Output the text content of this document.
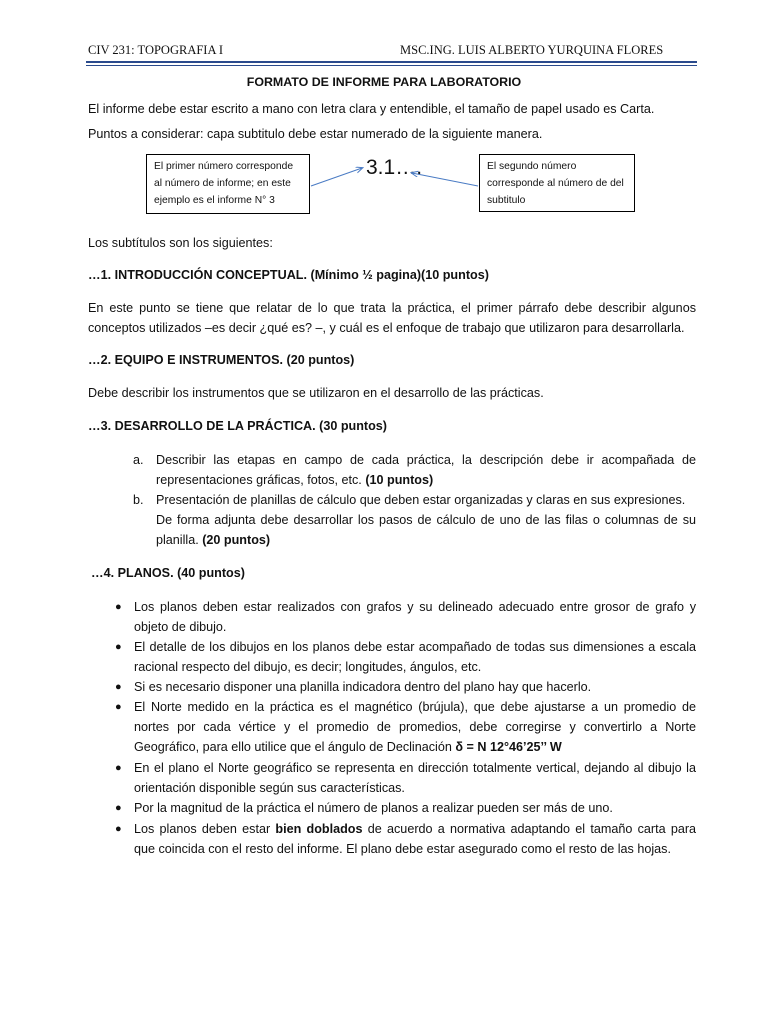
CIV 231: TOPOGRAFIA I	MSC.ING. LUIS ALBERTO YURQUINA FLORES
FORMATO DE INFORME PARA LABORATORIO
El informe debe estar escrito a mano con letra clara y entendible, el tamaño de papel usado es Carta.
Puntos a considerar: capa subtitulo debe estar numerado de la siguiente manera.
El primer número corresponde al número de informe; en este ejemplo es el informe N° 3
3.1….	El segundo número corresponde al número de del subtitulo
Los subtítulos son los siguientes:
…1. INTRODUCCIÓN CONCEPTUAL. (Mínimo ½ pagina)(10 puntos)
En este punto se tiene que relatar de lo que trata la práctica, el primer párrafo debe describir algunos conceptos utilizados –es decir ¿qué es? –, y cuál es el enfoque de trabajo que utilizaron para desarrollarla.
…2. EQUIPO E INSTRUMENTOS. (20 puntos)
Debe describir los instrumentos que se utilizaron en el desarrollo de las prácticas.
…3. DESARROLLO DE LA PRÁCTICA. (30 puntos)
a. Describir las etapas en campo de cada práctica, la descripción debe ir acompañada de representaciones gráficas, fotos, etc. (10 puntos)
b. Presentación de planillas de cálculo que deben estar organizadas y claras en sus expresiones.
De forma adjunta debe desarrollar los pasos de cálculo de uno de las filas o columnas de su planilla. (20 puntos)
…4. PLANOS. (40 puntos)
● Los planos deben estar realizados con grafos y su delineado adecuado entre grosor de grafo y objeto de dibujo.
● El detalle de los dibujos en los planos debe estar acompañado de todas sus dimensiones a escala racional respecto del dibujo, es decir; longitudes, ángulos, etc.
● Si es necesario disponer una planilla indicadora dentro del plano hay que hacerlo.
● El Norte medido en la práctica es el magnético (brújula), que debe ajustarse a un promedio de nortes por cada vértice y el promedio de promedios, debe corregirse y convertirlo a Norte Geográfico, para ello utilice que el ángulo de Declinación δ = N 12°46’25’’ W
● En el plano el Norte geográfico se representa en dirección totalmente vertical, dejando al dibujo la orientación disponible según sus características.
● Por la magnitud de la práctica el número de planos a realizar pueden ser más de uno.
● Los planos deben estar bien doblados de acuerdo a normativa adaptando el tamaño carta para que coincida con el resto del informe. El plano debe estar asegurado como el resto de las hojas.
